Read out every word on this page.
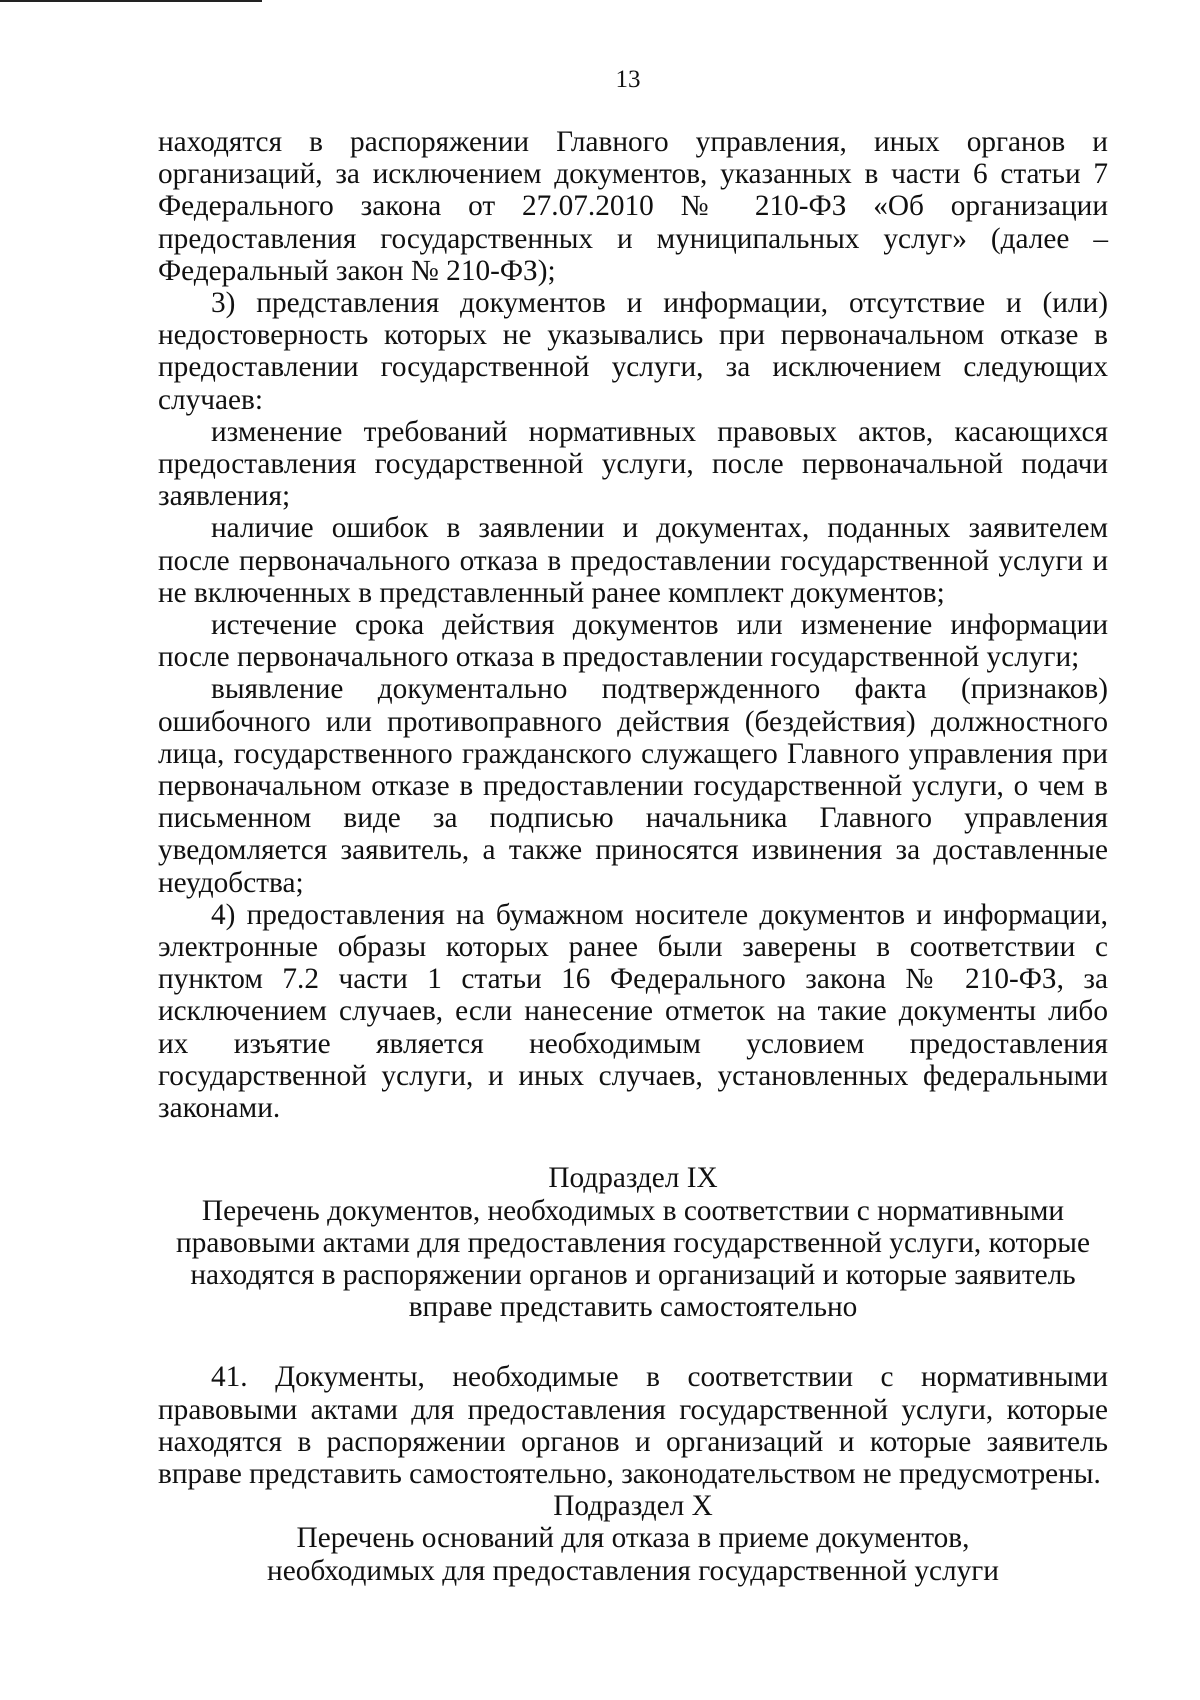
13

находятся в распоряжении Главного управления, иных органов и организаций, за исключением документов, указанных в части 6 статьи 7 Федерального закона от 27.07.2010 № 210-ФЗ «Об организации предоставления государственных и муниципальных услуг» (далее – Федеральный закон № 210-ФЗ);

3) представления документов и информации, отсутствие и (или) недостоверность которых не указывались при первоначальном отказе в предоставлении государственной услуги, за исключением следующих случаев:

изменение требований нормативных правовых актов, касающихся предоставления государственной услуги, после первоначальной подачи заявления;

наличие ошибок в заявлении и документах, поданных заявителем после первоначального отказа в предоставлении государственной услуги и не включенных в представленный ранее комплект документов;

истечение срока действия документов или изменение информации после первоначального отказа в предоставлении государственной услуги;

выявление документально подтвержденного факта (признаков) ошибочного или противоправного действия (бездействия) должностного лица, государственного гражданского служащего Главного управления при первоначальном отказе в предоставлении государственной услуги, о чем в письменном виде за подписью начальника Главного управления уведомляется заявитель, а также приносятся извинения за доставленные неудобства;

4) предоставления на бумажном носителе документов и информации, электронные образы которых ранее были заверены в соответствии с пунктом 7.2 части 1 статьи 16 Федерального закона № 210-ФЗ, за исключением случаев, если нанесение отметок на такие документы либо их изъятие является необходимым условием предоставления государственной услуги, и иных случаев, установленных федеральными законами.

Подраздел IX
Перечень документов, необходимых в соответствии с нормативными
правовыми актами для предоставления государственной услуги, которые
находятся в распоряжении органов и организаций и которые заявитель
вправе представить самостоятельно

41. Документы, необходимые в соответствии с нормативными правовыми актами для предоставления государственной услуги, которые находятся в распоряжении органов и организаций и которые заявитель вправе представить самостоятельно, законодательством не предусмотрены.

Подраздел X
Перечень оснований для отказа в приеме документов,
необходимых для предоставления государственной услуги
